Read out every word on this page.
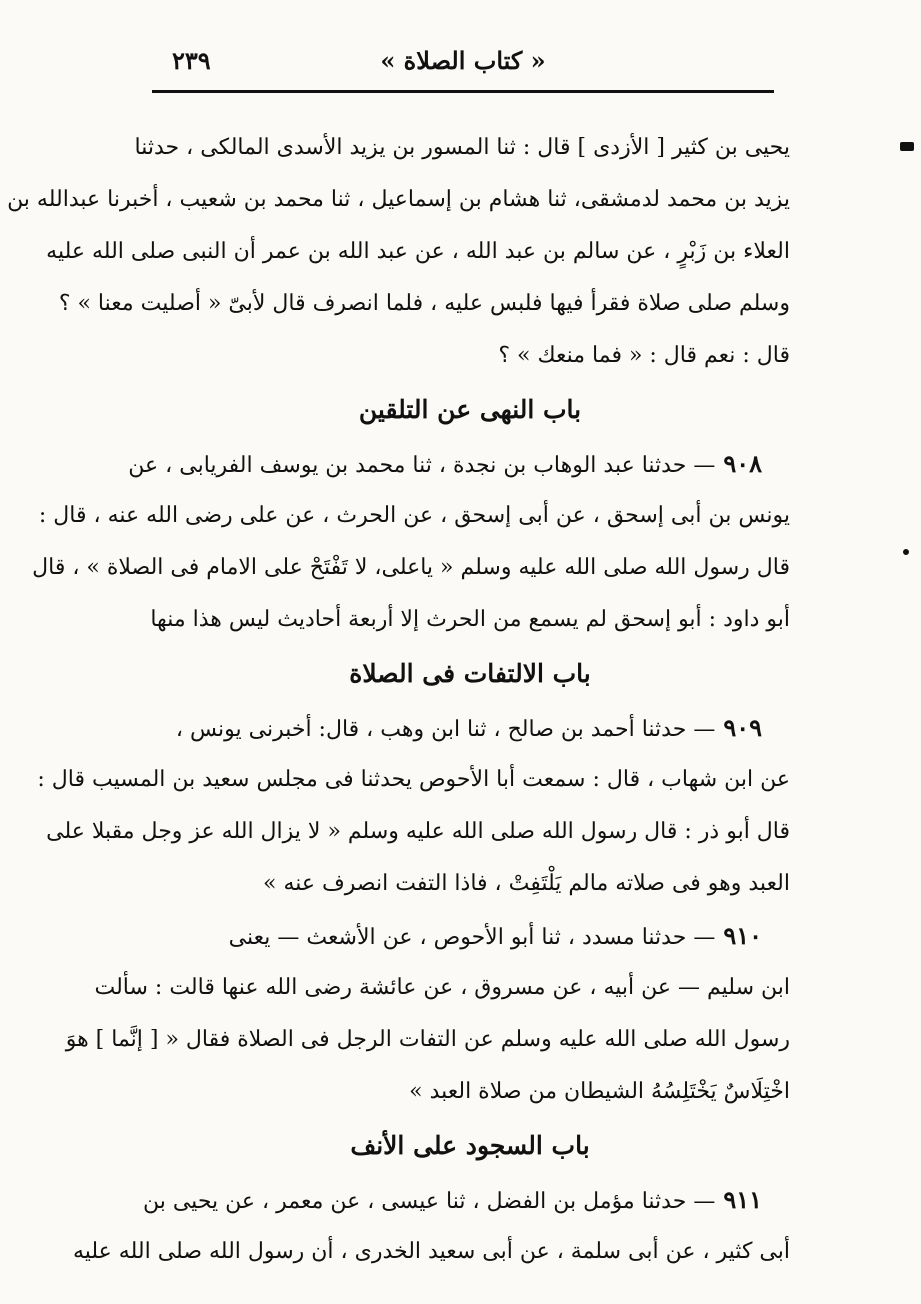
« كتاب الصلاة »
٢٣٩
يحيى بن كثير [ الأزدى ] قال : ثنا المسور بن يزيد الأسدى المالكى ، حدثنا
يزيد بن محمد لدمشقى، ثنا هشام بن إسماعيل ، ثنا محمد بن شعيب ، أخبرنا عبدالله بن
العلاء بن زَبْرٍ ، عن سالم بن عبد الله ، عن عبد الله بن عمر أن النبى صلى الله عليه
وسلم صلى صلاة فقرأ فيها فلبس عليه ، فلما انصرف قال لأبىّ « أصليت معنا » ؟
قال : نعم قال : « فما منعك » ؟
باب النهى عن التلقين
٩٠٨— حدثنا عبد الوهاب بن نجدة ، ثنا محمد بن يوسف الفريابى ، عن
يونس بن أبى إسحق ، عن أبى إسحق ، عن الحرث ، عن على رضى الله عنه ، قال :
قال رسول الله صلى الله عليه وسلم « ياعلى، لا تَفْتَحْ على الامام فى الصلاة » ، قال
أبو داود : أبو إسحق لم يسمع من الحرث إلا أربعة أحاديث ليس هذا منها
باب الالتفات فى الصلاة
٩٠٩— حدثنا أحمد بن صالح ، ثنا ابن وهب ، قال: أخبرنى يونس ،
عن ابن شهاب ، قال : سمعت أبا الأحوص يحدثنا فى مجلس سعيد بن المسيب قال :
قال أبو ذر : قال رسول الله صلى الله عليه وسلم « لا يزال الله عز وجل مقبلا على
العبد وهو فى صلاته مالم يَلْتَفِتْ ، فاذا التفت انصرف عنه »
٩١٠— حدثنا مسدد ، ثنا أبو الأحوص ، عن الأشعث — يعنى
ابن سليم — عن أبيه ، عن مسروق ، عن عائشة رضى الله عنها قالت : سألت
رسول الله صلى الله عليه وسلم عن التفات الرجل فى الصلاة فقال « [ إنَّما ] هوَ
اخْتِلَاسٌ يَخْتَلِسُهُ الشيطان من صلاة العبد »
باب السجود على الأنف
٩١١— حدثنا مؤمل بن الفضل ، ثنا عيسى ، عن معمر ، عن يحيى بن
أبى كثير ، عن أبى سلمة ، عن أبى سعيد الخدرى ، أن رسول الله صلى الله عليه
